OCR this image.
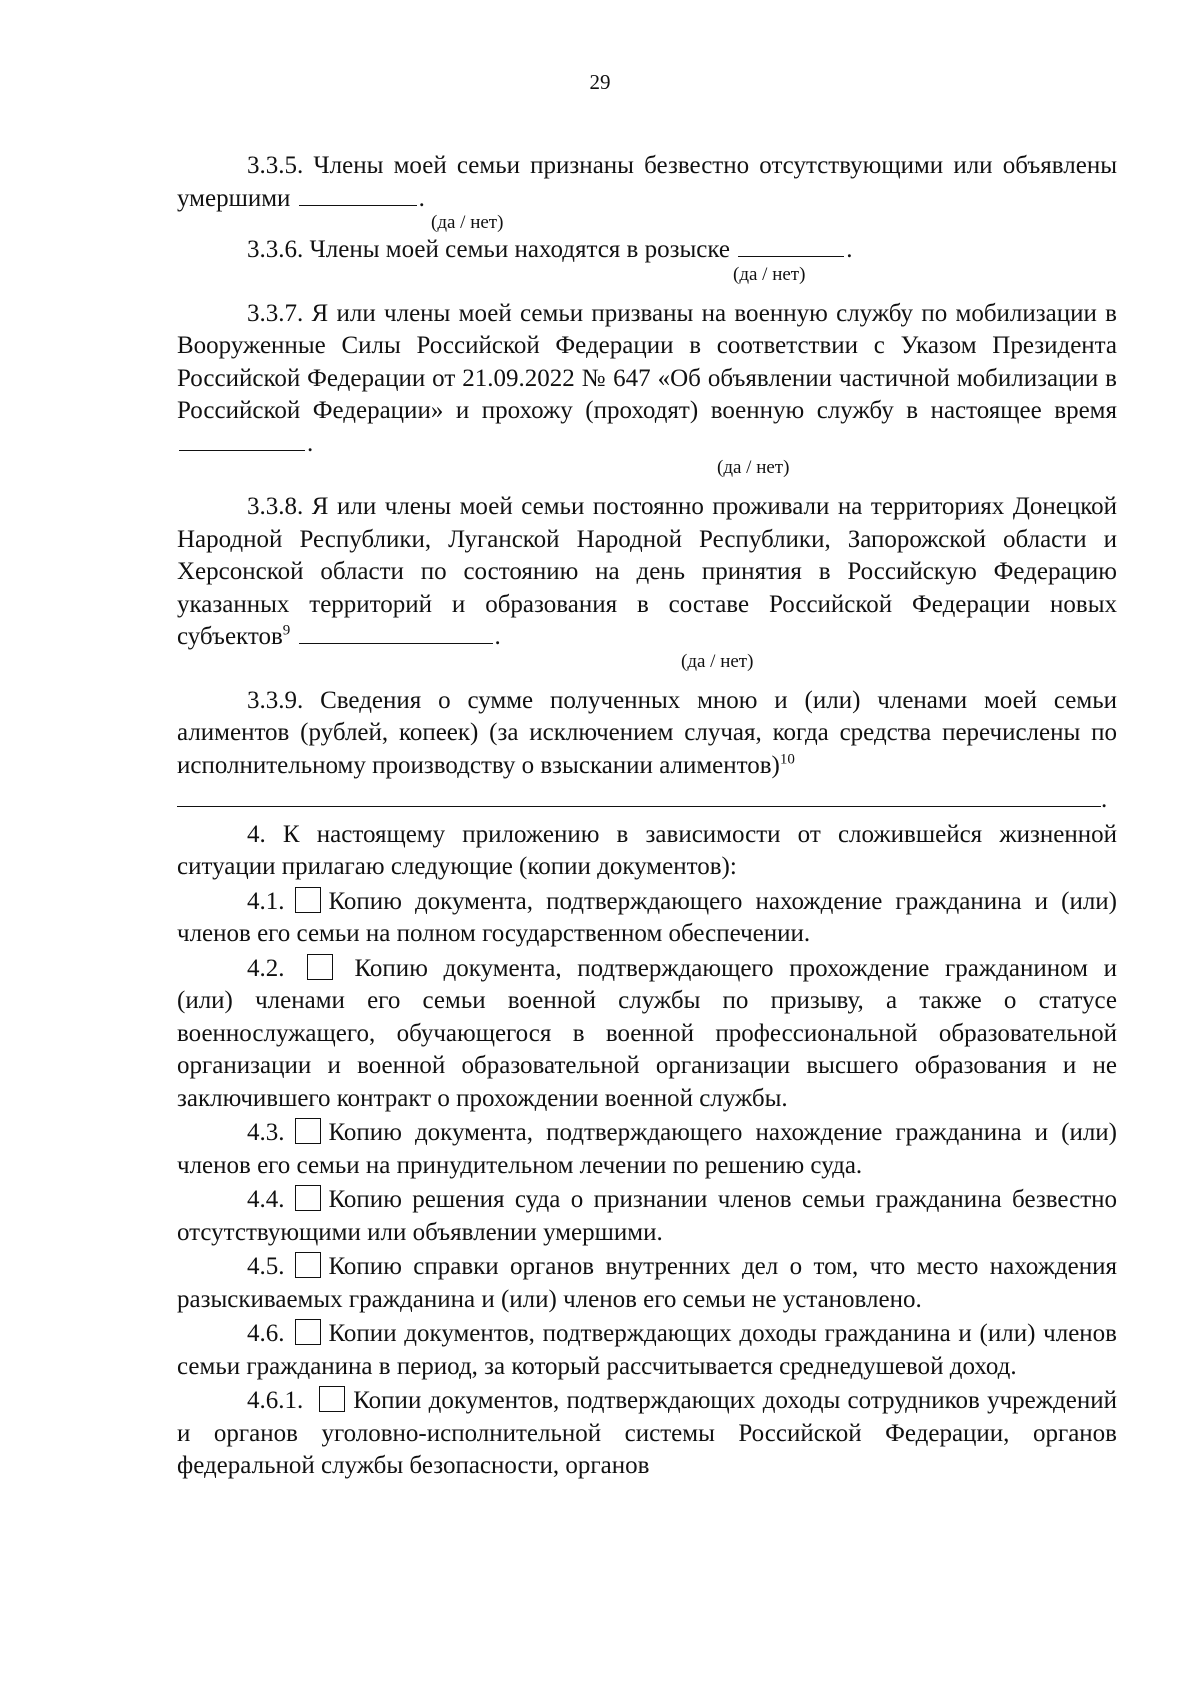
29
3.3.5. Члены моей семьи признаны безвестно отсутствующими или объявлены умершими	.
(да / нет)
3.3.6. Члены моей семьи находятся в розыске	.
(да / нет)
3.3.7. Я или члены моей семьи призваны на военную службу по мобилизации в Вооруженные Силы Российской Федерации в соответствии с Указом Президента Российской Федерации от 21.09.2022 № 647 «Об объявлении частичной мобилизации в Российской Федерации» и прохожу (проходят) военную службу в настоящее время .
(да / нет)
3.3.8. Я или члены моей семьи постоянно проживали на территориях Донецкой Народной Республики, Луганской Народной Республики, Запорожской области и Херсонской области по состоянию на день принятия в Российскую Федерацию указанных территорий и образования в составе Российской Федерации новых субъектов$^9$	.
(да / нет)
3.3.9. Сведения о сумме полученных мною и (или) членами моей семьи алиментов (рублей, копеек) (за исключением случая, когда средства перечислены по исполнительному производству о взыскании алиментов)$^{10}$
.
4. К настоящему приложению в зависимости от сложившейся жизненной ситуации прилагаю следующие (копии документов):
4.1. Копию документа, подтверждающего нахождение гражданина и (или) членов его семьи на полном государственном обеспечении.
4.2.	Копию документа, подтверждающего прохождение гражданином и (или) членами его семьи военной службы по призыву, а также о статусе военнослужащего, обучающегося в военной профессиональной образовательной организации и военной образовательной организации высшего образования и не заключившего контракт о прохождении военной службы.
4.3. Копию документа, подтверждающего нахождение гражданина и (или) членов его семьи на принудительном лечении по решению суда.
4.4. Копию решения суда о признании членов семьи гражданина безвестно отсутствующими или объявлении умершими.
4.5. Копию справки органов внутренних дел о том, что место нахождения разыскиваемых гражданина и (или) членов его семьи не установлено.
4.6. Копии документов, подтверждающих доходы гражданина и (или) членов семьи гражданина в период, за который рассчитывается среднедушевой доход.
4.6.1. Копии документов, подтверждающих доходы сотрудников учреждений и органов уголовно-исполнительной системы Российской Федерации, органов федеральной службы безопасности, органов
